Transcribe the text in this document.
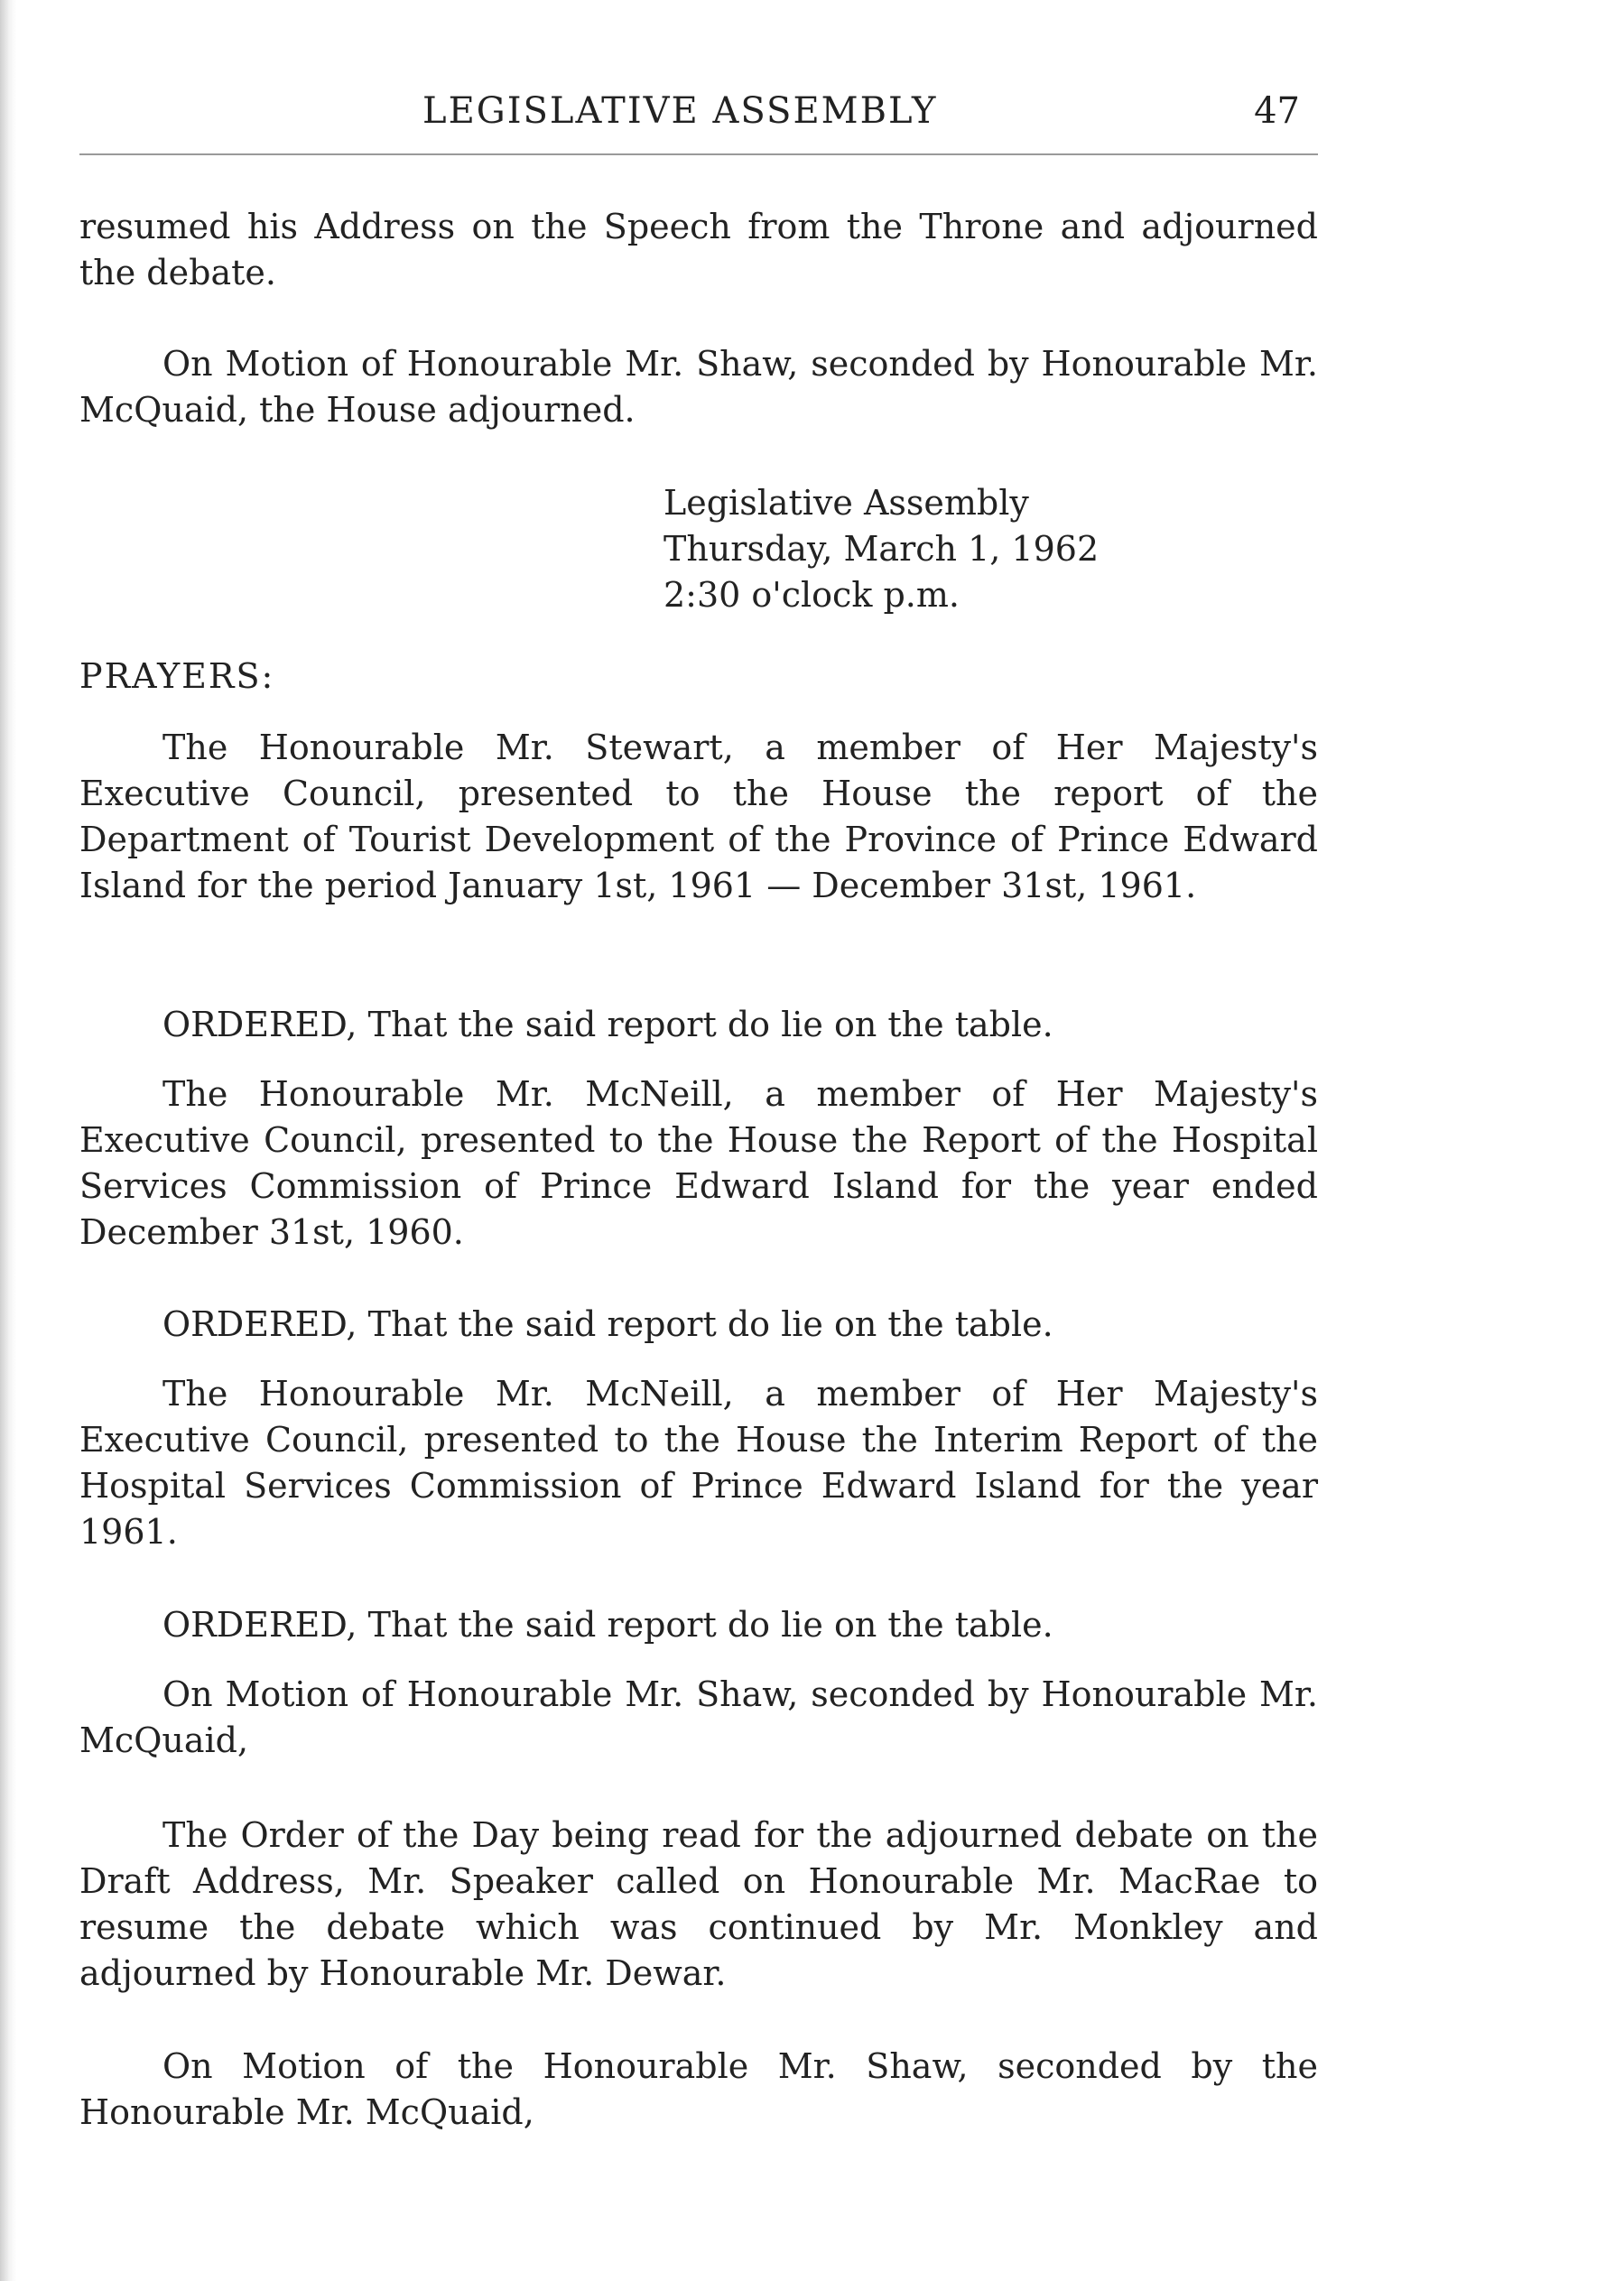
LEGISLATIVE ASSEMBLY	47

resumed his Address on the Speech from the Throne and adjourned the debate.

On Motion of Honourable Mr. Shaw, seconded by Honourable Mr. McQuaid, the House adjourned.

Legislative Assembly
Thursday, March 1, 1962
2:30 o'clock p.m.
PRAYERS:

The Honourable Mr. Stewart, a member of Her Majesty's Executive Council, presented to the House the report of the Department of Tourist Development of the Province of Prince Edward Island for the period January 1st, 1961 — December 31st, 1961.

ORDERED, That the said report do lie on the table.

The Honourable Mr. McNeill, a member of Her Majesty's Executive Council, presented to the House the Report of the Hospital Services Commission of Prince Edward Island for the year ended December 31st, 1960.

ORDERED, That the said report do lie on the table.

The Honourable Mr. McNeill, a member of Her Majesty's Executive Council, presented to the House the Interim Report of the Hospital Services Commission of Prince Edward Island for the year 1961.

ORDERED, That the said report do lie on the table.

On Motion of Honourable Mr. Shaw, seconded by Honourable Mr. McQuaid,

The Order of the Day being read for the adjourned debate on the Draft Address, Mr. Speaker called on Honourable Mr. MacRae to resume the debate which was continued by Mr. Monkley and adjourned by Honourable Mr. Dewar.

On Motion of the Honourable Mr. Shaw, seconded by the Honourable Mr. McQuaid,
